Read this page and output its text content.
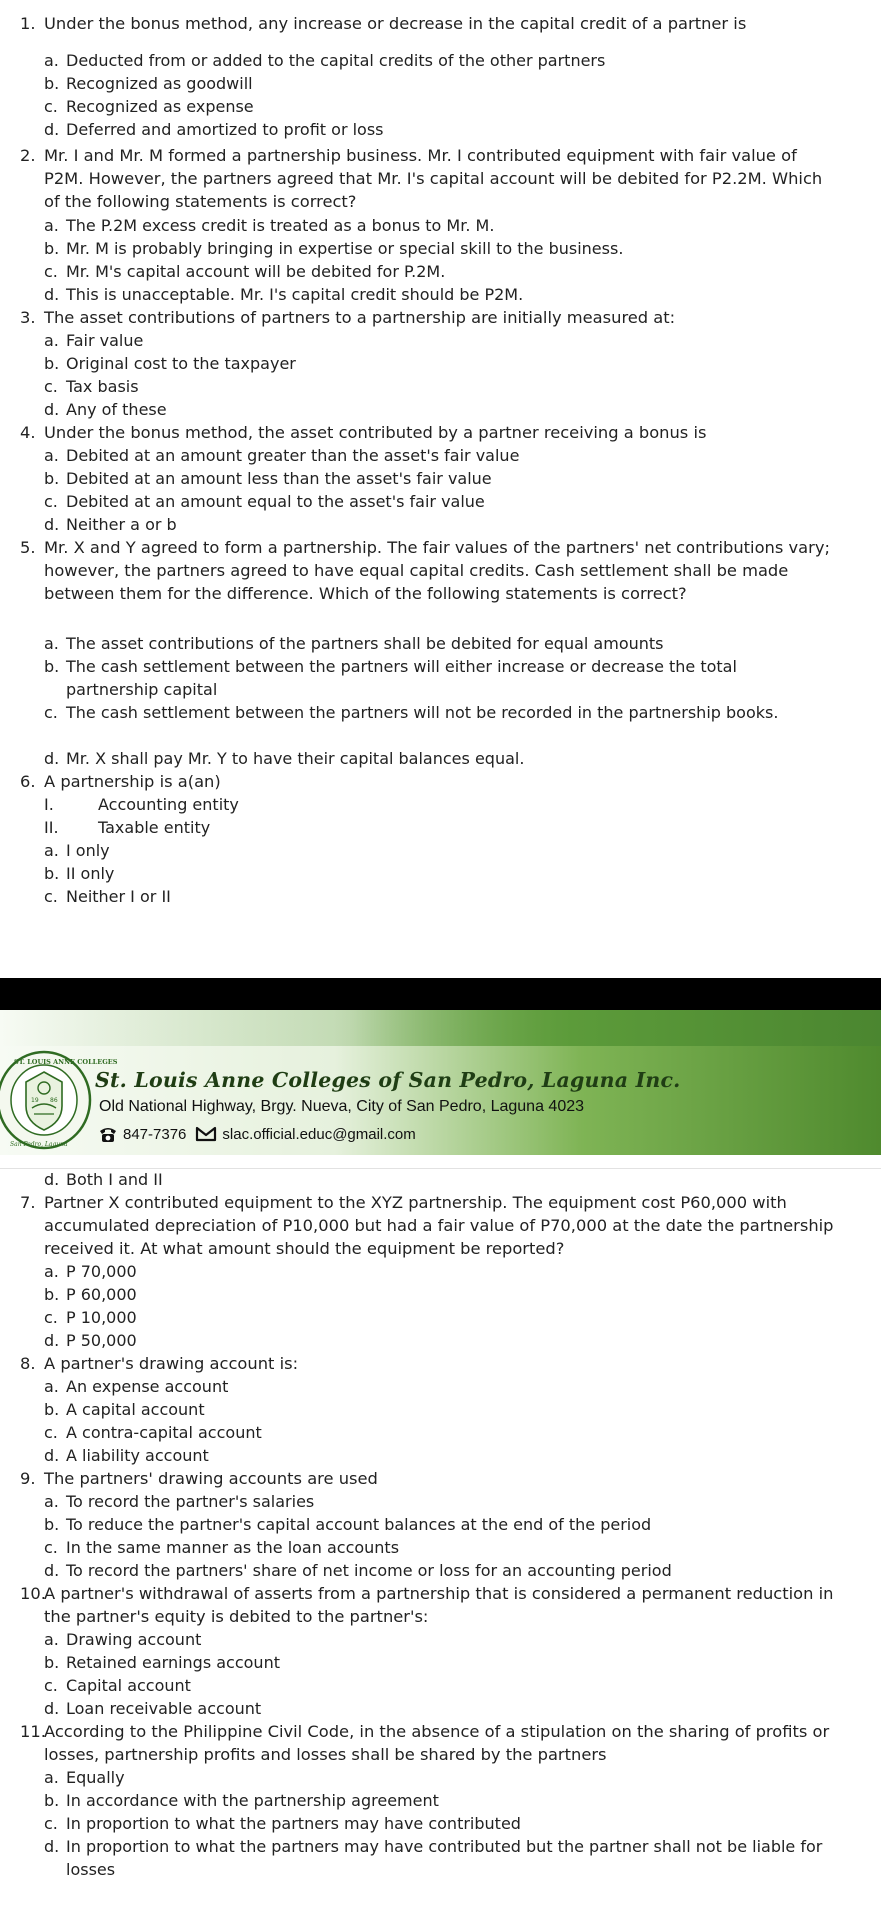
1. Under the bonus method, any increase or decrease in the capital credit of a partner is
a. Deducted from or added to the capital credits of the other partners
b. Recognized as goodwill
c. Recognized as expense
d. Deferred and amortized to profit or loss
2. Mr. I and Mr. M formed a partnership business. Mr. I contributed equipment with fair value of P2M. However, the partners agreed that Mr. I's capital account will be debited for P2.2M. Which of the following statements is correct?
a. The P.2M excess credit is treated as a bonus to Mr. M.
b. Mr. M is probably bringing in expertise or special skill to the business.
c. Mr. M's capital account will be debited for P.2M.
d. This is unacceptable. Mr. I's capital credit should be P2M.
3. The asset contributions of partners to a partnership are initially measured at:
a. Fair value
b. Original cost to the taxpayer
c. Tax basis
d. Any of these
4. Under the bonus method, the asset contributed by a partner receiving a bonus is
a. Debited at an amount greater than the asset's fair value
b. Debited at an amount less than the asset's fair value
c. Debited at an amount equal to the asset's fair value
d. Neither a or b
5. Mr. X and Y agreed to form a partnership. The fair values of the partners' net contributions vary; however, the partners agreed to have equal capital credits. Cash settlement shall be made between them for the difference. Which of the following statements is correct?
a. The asset contributions of the partners shall be debited for equal amounts
b. The cash settlement between the partners will either increase or decrease the total partnership capital
c. The cash settlement between the partners will not be recorded in the partnership books.
d. Mr. X shall pay Mr. Y to have their capital balances equal.
6. A partnership is a(an)
I.	Accounting entity
II. Taxable entity
a. I only
b. II only
c. Neither I or II
19 86
ST. LOUIS ANNE COLLEGES
San Pedro, Laguna
St. Louis Anne Colleges of San Pedro, Laguna Inc.
Old National Highway, Brgy. Nueva, City of San Pedro, Laguna 4023
847-7376 slac.official.educ@gmail.com
d. Both I and II
7. Partner X contributed equipment to the XYZ partnership. The equipment cost P60,000 with accumulated depreciation of P10,000 but had a fair value of P70,000 at the date the partnership received it. At what amount should the equipment be reported?
a. P 70,000
b. P 60,000
c. P 10,000
d. P 50,000
8. A partner's drawing account is:
a. An expense account
b. A capital account
c. A contra-capital account
d. A liability account
9. The partners' drawing accounts are used
a. To record the partner's salaries
b. To reduce the partner's capital account balances at the end of the period
c. In the same manner as the loan accounts
d. To record the partners' share of net income or loss for an accounting period
10.A partner's withdrawal of asserts from a partnership that is considered a permanent reduction in the partner's equity is debited to the partner's:
a. Drawing account
b. Retained earnings account
c. Capital account
d. Loan receivable account
11.According to the Philippine Civil Code, in the absence of a stipulation on the sharing of profits or losses, partnership profits and losses shall be shared by the partners
a. Equally
b. In accordance with the partnership agreement
c. In proportion to what the partners may have contributed
d. In proportion to what the partners may have contributed but the partner shall not be liable for losses
